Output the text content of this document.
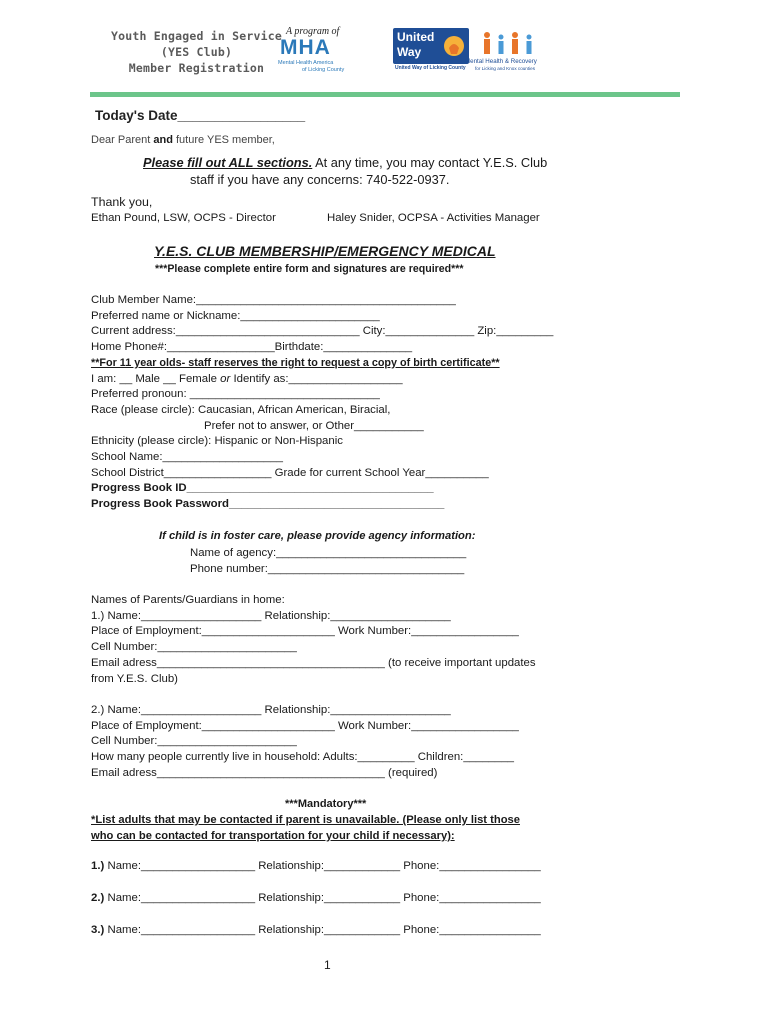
Youth Engaged in Service
(YES Club)
Member Registration
A program of
MHA
Mental Health America
of Licking County
United
Way
United Way of Licking County
Mental Health & Recovery
for Licking and Knox counties
Today's Date_________________
Dear Parent and future YES member,
Please fill out ALL sections. At any time, you may contact Y.E.S. Club
staff if you have any concerns: 740-522-0937.
Thank you,
Ethan Pound, LSW, OCPS - Director	Haley Snider, OCPSA - Activities Manager
Y.E.S. CLUB MEMBERSHIP/EMERGENCY MEDICAL
***Please complete entire form and signatures are required***
Club Member Name:_________________________________________
Preferred name or Nickname:______________________
Current address:_____________________________ City:______________ Zip:_________
Home Phone#:_________________Birthdate:______________
**For 11 year olds- staff reserves the right to request a copy of birth certificate**
I am: __ Male __ Female or Identify as:__________________
Preferred pronoun: ______________________________
Race (please circle): Caucasian, African American, Biracial,
Prefer not to answer, or Other___________
Ethnicity (please circle): Hispanic or Non-Hispanic
School Name:___________________
School District_________________ Grade for current School Year__________
Progress Book ID_______________________________________
Progress Book Password__________________________________
If child is in foster care, please provide agency information:
Name of agency:______________________________
Phone number:_______________________________
Names of Parents/Guardians in home:
1.) Name:___________________ Relationship:___________________
Place of Employment:_____________________ Work Number:_________________
Cell Number:______________________
Email adress____________________________________ (to receive important updates
from Y.E.S. Club)
2.) Name:___________________ Relationship:___________________
Place of Employment:_____________________ Work Number:_________________
Cell Number:______________________
How many people currently live in household: Adults:_________ Children:________
Email adress____________________________________ (required)
***Mandatory***
*List adults that may be contacted if parent is unavailable. (Please only list those
who can be contacted for transportation for your child if necessary):
1.) Name:__________________ Relationship:____________ Phone:________________
2.) Name:__________________ Relationship:____________ Phone:________________
3.) Name:__________________ Relationship:____________ Phone:________________
1
